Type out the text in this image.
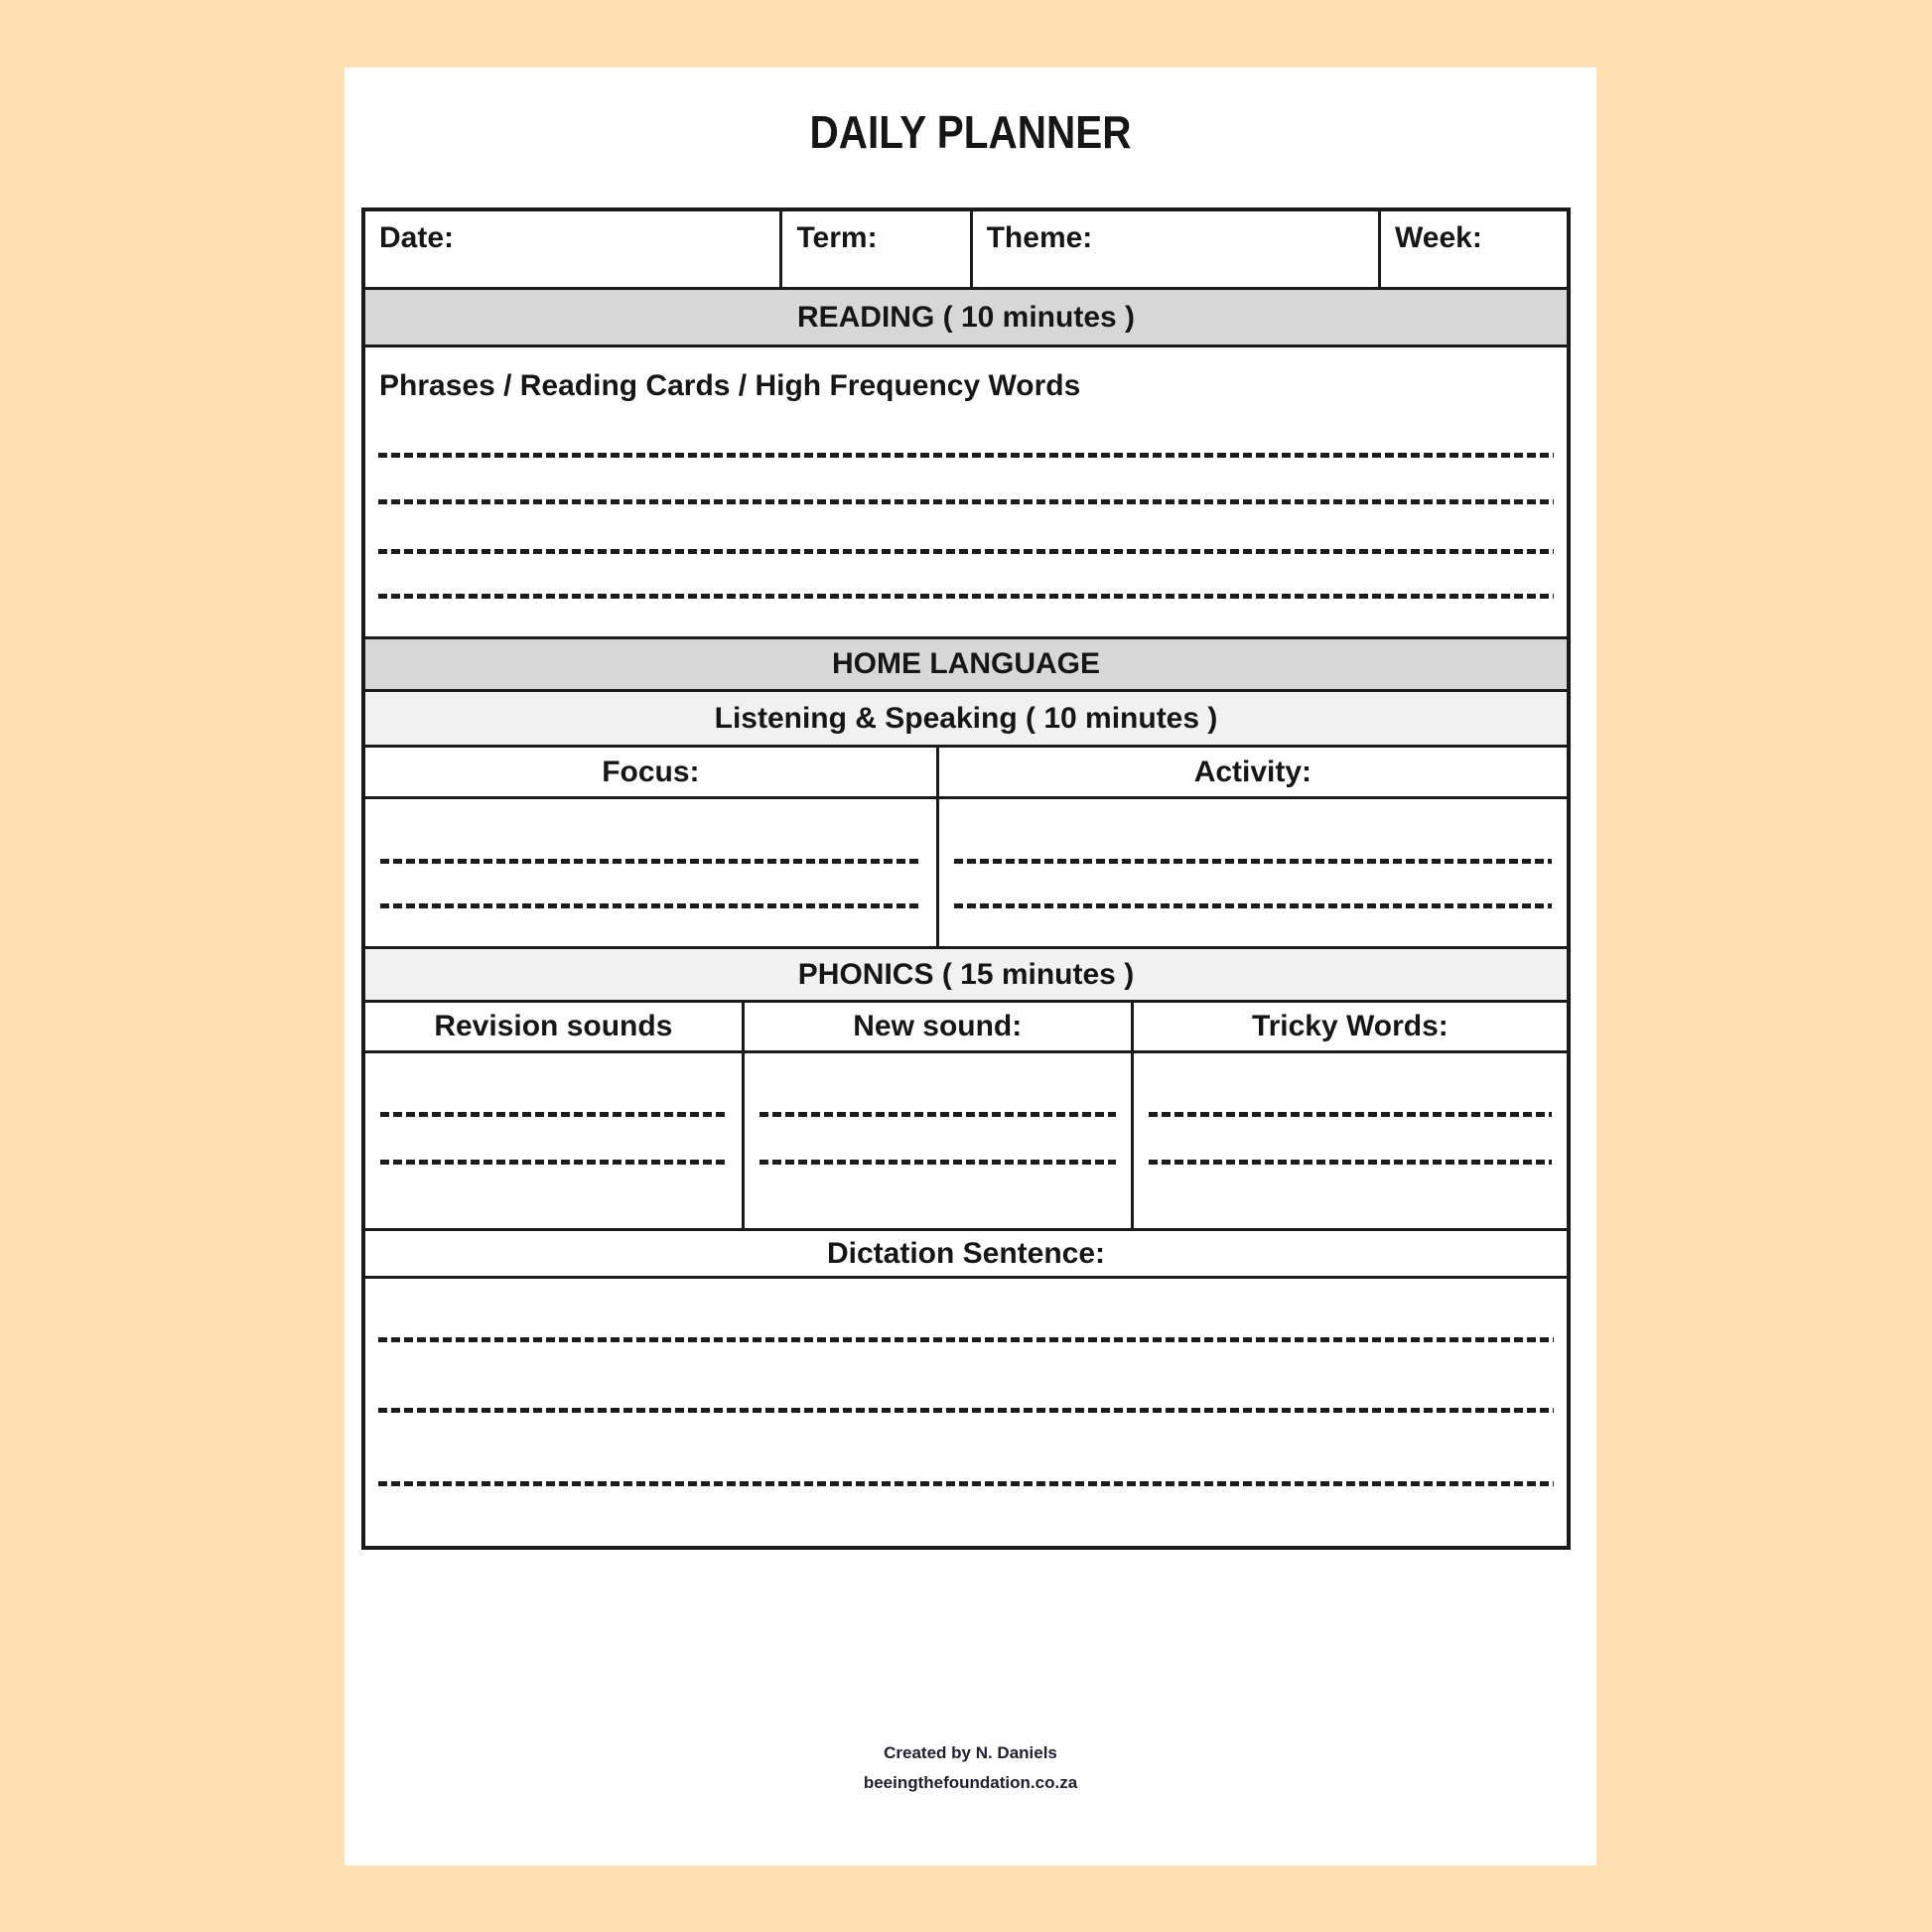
DAILY PLANNER
Date:	Term:	Theme:	Week:
READING ( 10 minutes )
Phrases / Reading Cards / High Frequency Words
HOME LANGUAGE
Listening & Speaking ( 10 minutes )
Focus:	Activity:
PHONICS ( 15 minutes )
Revision sounds	New sound:	Tricky Words:
Dictation Sentence:
Created by N. Daniels
beeingthefoundation.co.za
